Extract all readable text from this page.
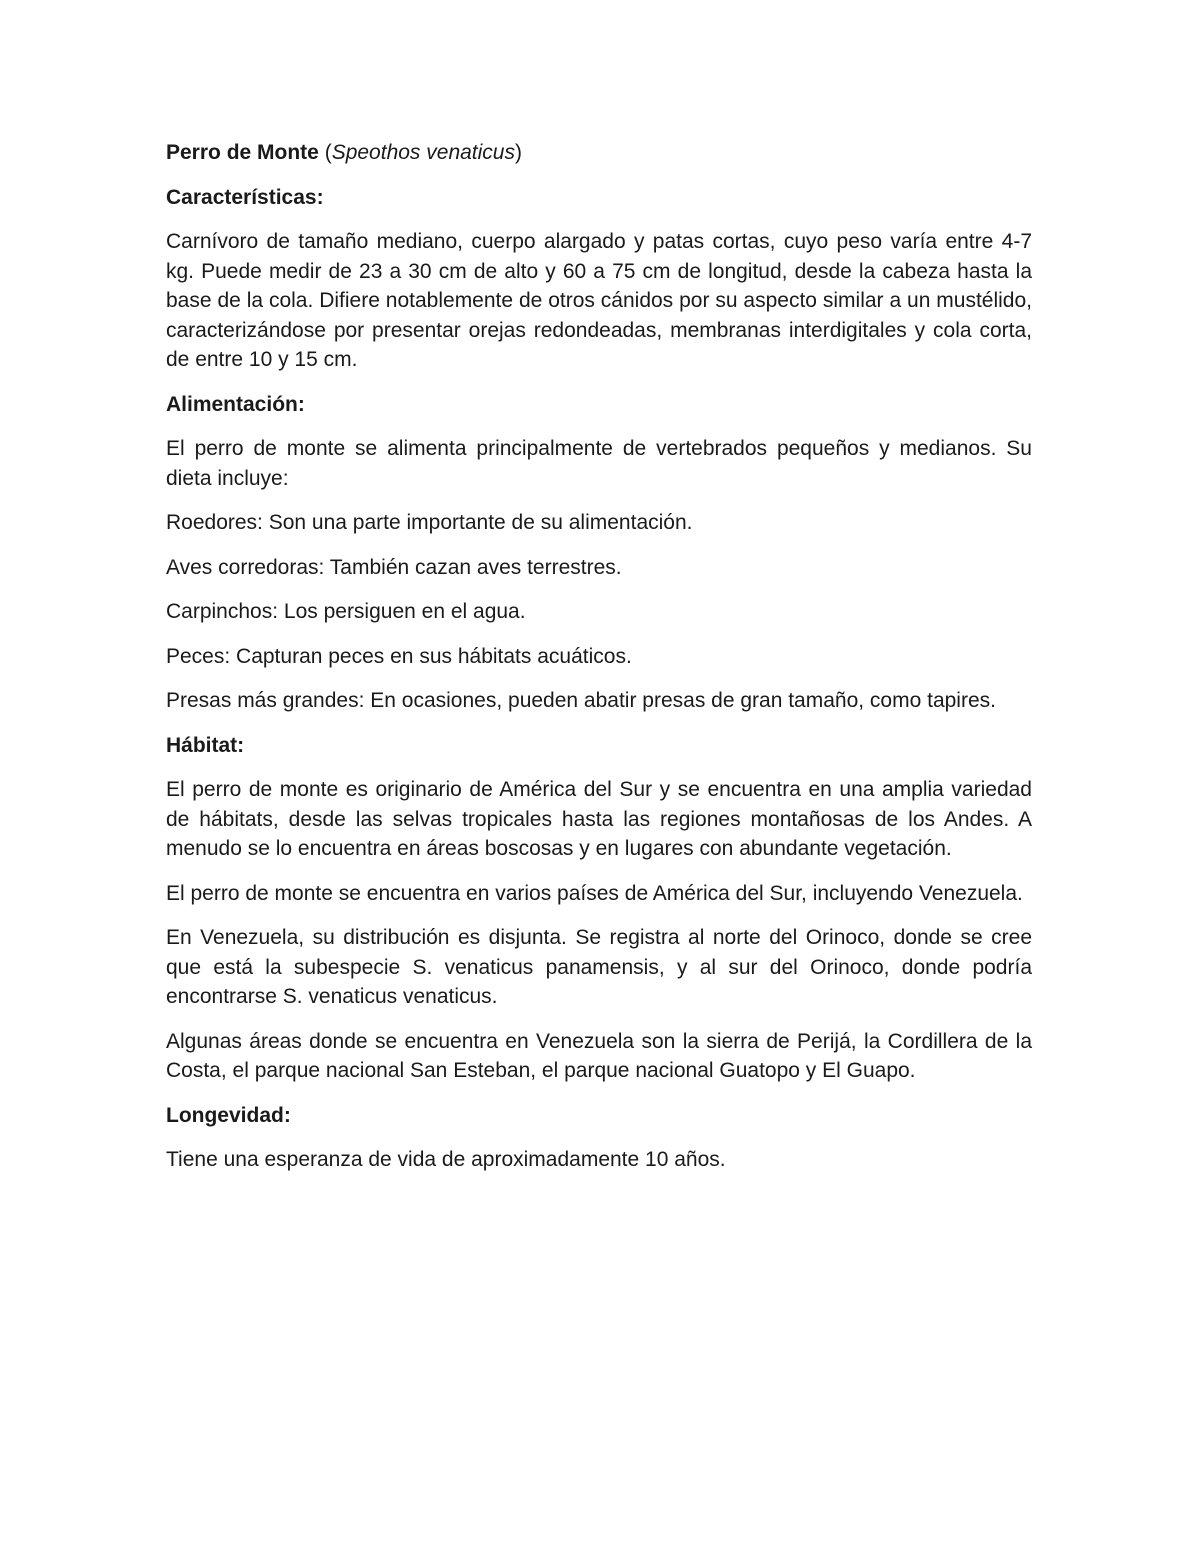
Perro de Monte (Speothos venaticus)

Características:

Carnívoro de tamaño mediano, cuerpo alargado y patas cortas, cuyo peso varía entre 4-7 kg. Puede medir de 23 a 30 cm de alto y 60 a 75 cm de longitud, desde la cabeza hasta la base de la cola. Difiere notablemente de otros cánidos por su aspecto similar a un mustélido, caracterizándose por presentar orejas redondeadas, membranas interdigitales y cola corta, de entre 10 y 15 cm.

Alimentación:

El perro de monte se alimenta principalmente de vertebrados pequeños y medianos. Su dieta incluye:

Roedores: Son una parte importante de su alimentación.

Aves corredoras: También cazan aves terrestres.

Carpinchos: Los persiguen en el agua.

Peces: Capturan peces en sus hábitats acuáticos.

Presas más grandes: En ocasiones, pueden abatir presas de gran tamaño, como tapires.

Hábitat:

El perro de monte es originario de América del Sur y se encuentra en una amplia variedad de hábitats, desde las selvas tropicales hasta las regiones montañosas de los Andes. A menudo se lo encuentra en áreas boscosas y en lugares con abundante vegetación.

El perro de monte se encuentra en varios países de América del Sur, incluyendo Venezuela.

En Venezuela, su distribución es disjunta. Se registra al norte del Orinoco, donde se cree que está la subespecie S. venaticus panamensis, y al sur del Orinoco, donde podría encontrarse S. venaticus venaticus.

Algunas áreas donde se encuentra en Venezuela son la sierra de Perijá, la Cordillera de la Costa, el parque nacional San Esteban, el parque nacional Guatopo y El Guapo.

Longevidad:

Tiene una esperanza de vida de aproximadamente 10 años.
